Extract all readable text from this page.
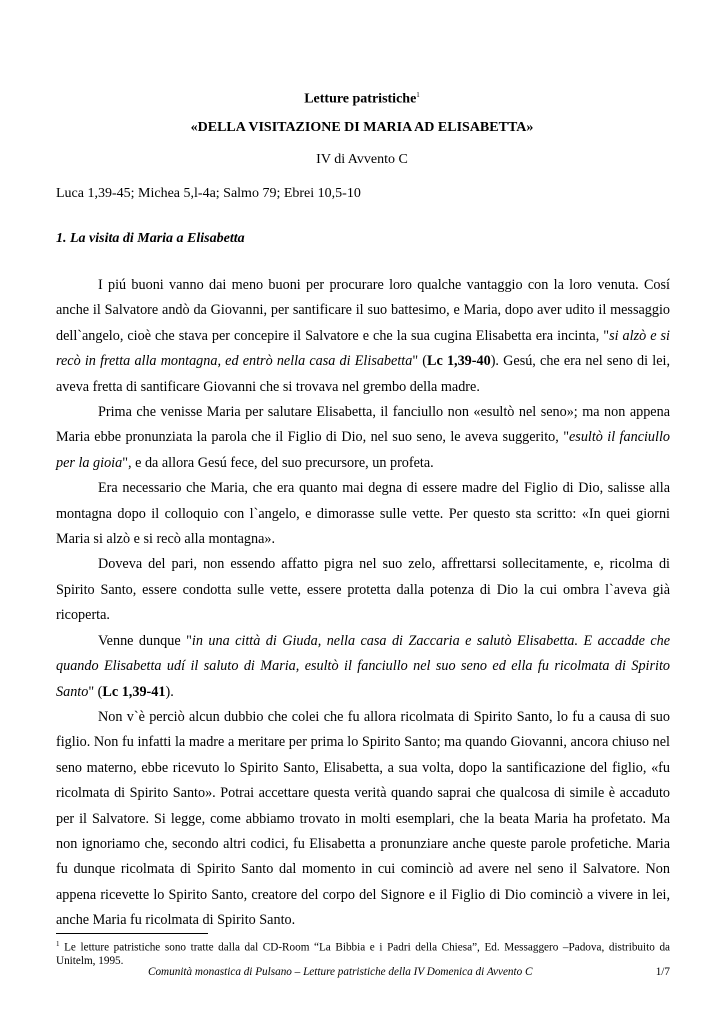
Letture patristiche$^1$
«DELLA VISITAZIONE DI MARIA AD ELISABETTA»
IV di Avvento C
Luca 1,39-45; Michea 5,l-4a; Salmo 79; Ebrei 10,5-10
1. La visita di Maria a Elisabetta

I piú buoni vanno dai meno buoni per procurare loro qualche vantaggio con la loro venuta. Cosí anche il Salvatore andò da Giovanni, per santificare il suo battesimo, e Maria, dopo aver udito il messaggio dell`angelo, cioè che stava per concepire il Salvatore e che la sua cugina Elisabetta era incinta, "si alzò e si recò in fretta alla montagna, ed entrò nella casa di Elisabetta" (Lc 1,39-40). Gesú, che era nel seno di lei, aveva fretta di santificare Giovanni che si trovava nel grembo della madre.

Prima che venisse Maria per salutare Elisabetta, il fanciullo non «esultò nel seno»; ma non appena Maria ebbe pronunziata la parola che il Figlio di Dio, nel suo seno, le aveva suggerito, "esultò il fanciullo per la gioia", e da allora Gesú fece, del suo precursore, un profeta.

Era necessario che Maria, che era quanto mai degna di essere madre del Figlio di Dio, salisse alla montagna dopo il colloquio con l`angelo, e dimorasse sulle vette. Per questo sta scritto: «In quei giorni Maria si alzò e si recò alla montagna».

Doveva del pari, non essendo affatto pigra nel suo zelo, affrettarsi sollecitamente, e, ricolma di Spirito Santo, essere condotta sulle vette, essere protetta dalla potenza di Dio la cui ombra l`aveva già ricoperta.

Venne dunque "in una città di Giuda, nella casa di Zaccaria e salutò Elisabetta. E accadde che quando Elisabetta udí il saluto di Maria, esultò il fanciullo nel suo seno ed ella fu ricolmata di Spirito Santo" (Lc 1,39-41).

Non v`è perciò alcun dubbio che colei che fu allora ricolmata di Spirito Santo, lo fu a causa di suo figlio. Non fu infatti la madre a meritare per prima lo Spirito Santo; ma quando Giovanni, ancora chiuso nel seno materno, ebbe ricevuto lo Spirito Santo, Elisabetta, a sua volta, dopo la santificazione del figlio, «fu ricolmata di Spirito Santo». Potrai accettare questa verità quando saprai che qualcosa di simile è accaduto per il Salvatore. Si legge, come abbiamo trovato in molti esemplari, che la beata Maria ha profetato. Ma non ignoriamo che, secondo altri codici, fu Elisabetta a pronunziare anche queste parole profetiche. Maria fu dunque ricolmata di Spirito Santo dal momento in cui cominciò ad avere nel seno il Salvatore. Non appena ricevette lo Spirito Santo, creatore del corpo del Signore e il Figlio di Dio cominciò a vivere in lei, anche Maria fu ricolmata di Spirito Santo.

$^1$ Le letture patristiche sono tratte dalla dal CD-Room “La Bibbia e i Padri della Chiesa”, Ed. Messaggero –Padova, distribuito da Unitelm, 1995.
Comunità monastica di Pulsano – Letture patristiche della IV Domenica di Avvento C	1/7
